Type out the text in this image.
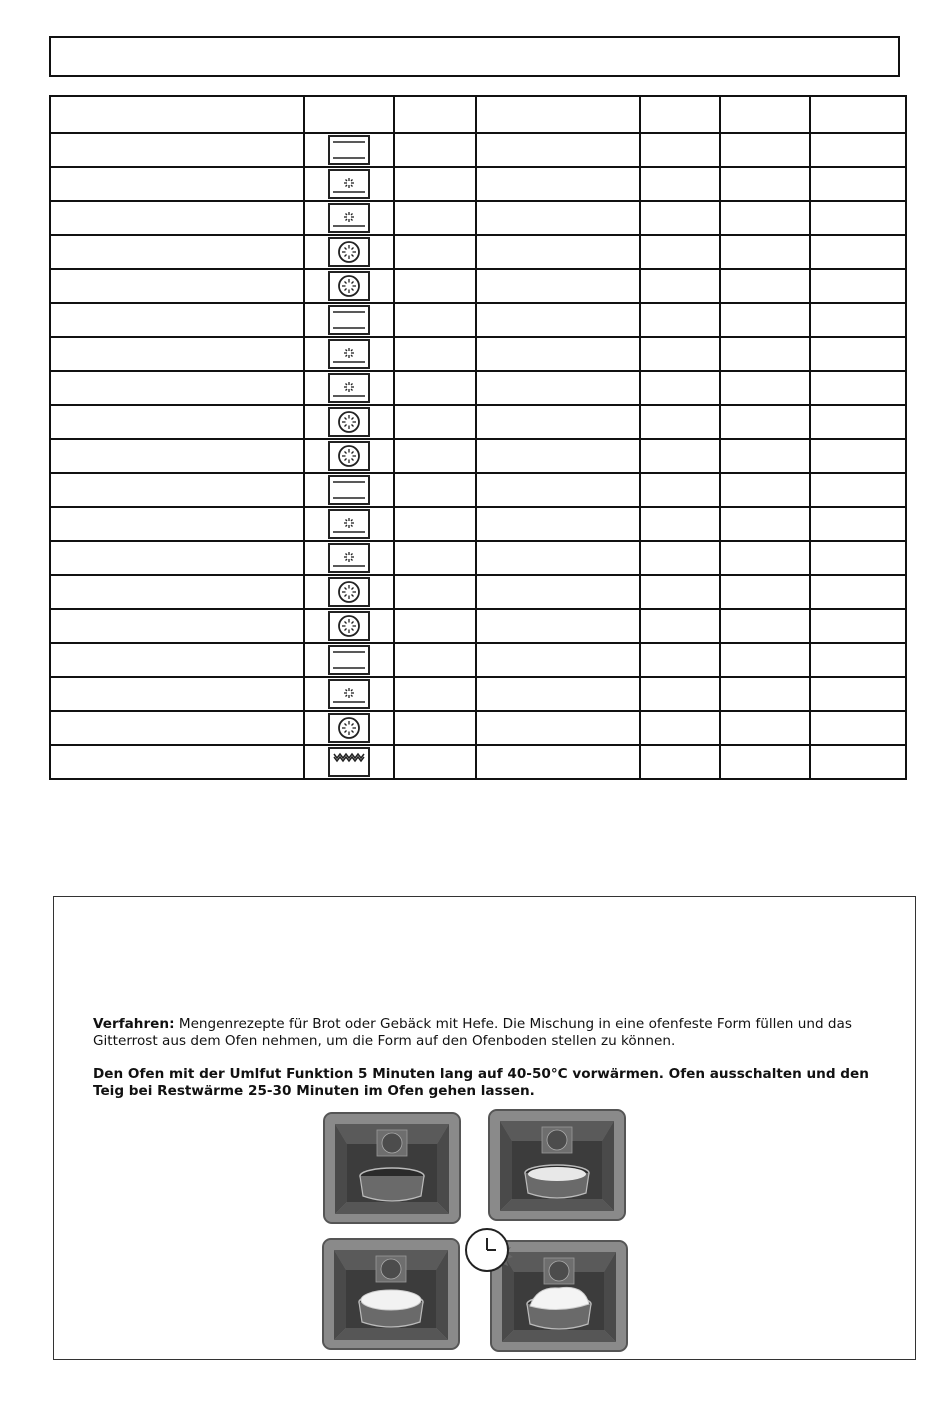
Verfahren: Mengenrezepte für Brot oder Gebäck mit Hefe. Die Mischung in eine ofenfeste Form füllen und das Gitterrost aus dem Ofen nehmen, um die Form auf den Ofenboden stellen zu können.
Den Ofen mit der Umlfut Funktion 5 Minuten lang auf 40-50°C vorwärmen. Ofen ausschalten und den Teig bei Restwärme 25-30 Minuten im Ofen gehen lassen.
